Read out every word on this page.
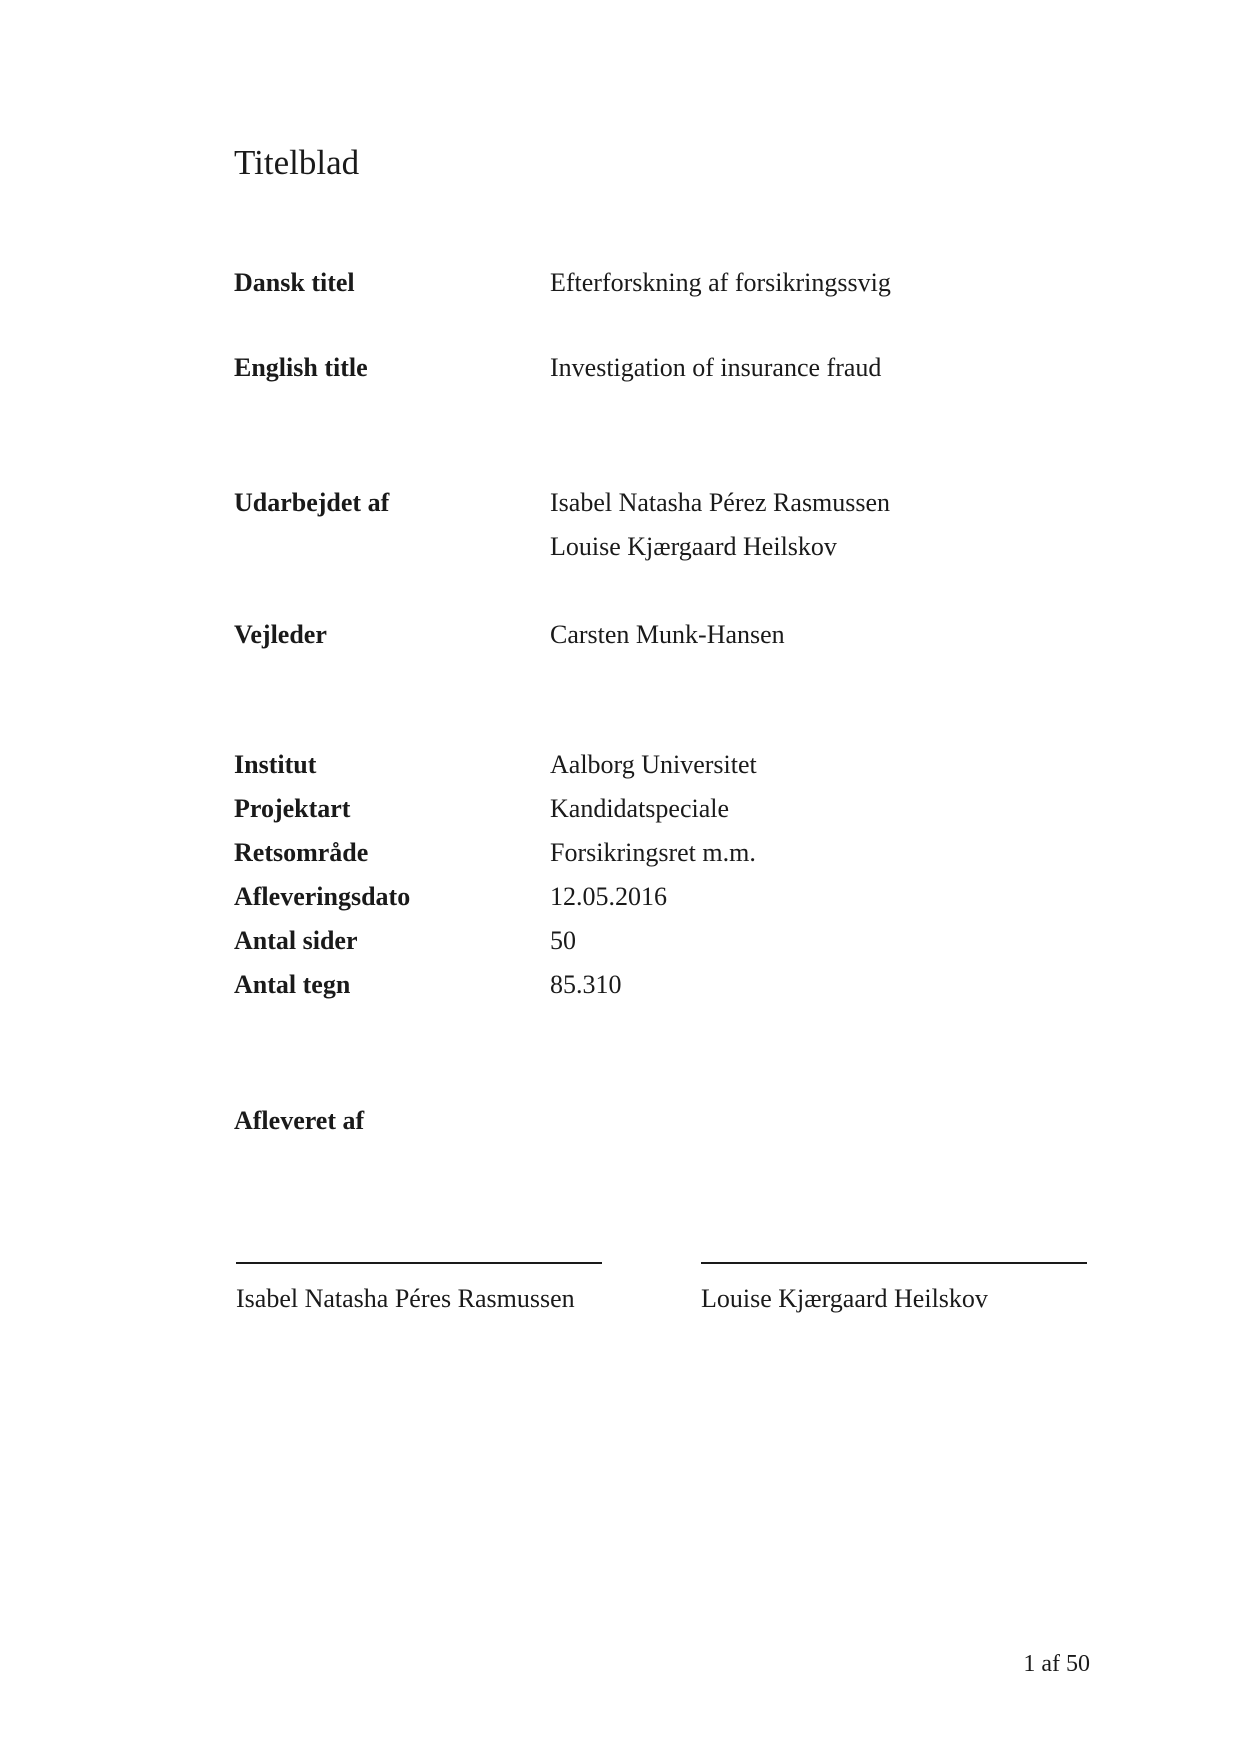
Titelblad
Dansk titel	Efterforskning af forsikringssvig
English title	Investigation of insurance fraud
Udarbejdet af	Isabel Natasha Pérez Rasmussen
Louise Kjærgaard Heilskov
Vejleder	Carsten Munk-Hansen
Institut	Aalborg Universitet
Projektart	Kandidatspeciale
Retsområde	Forsikringsret m.m.
Afleveringsdato	12.05.2016
Antal sider	50
Antal tegn	85.310
Afleveret af
Isabel Natasha Péres Rasmussen	Louise Kjærgaard Heilskov
1 af 50
